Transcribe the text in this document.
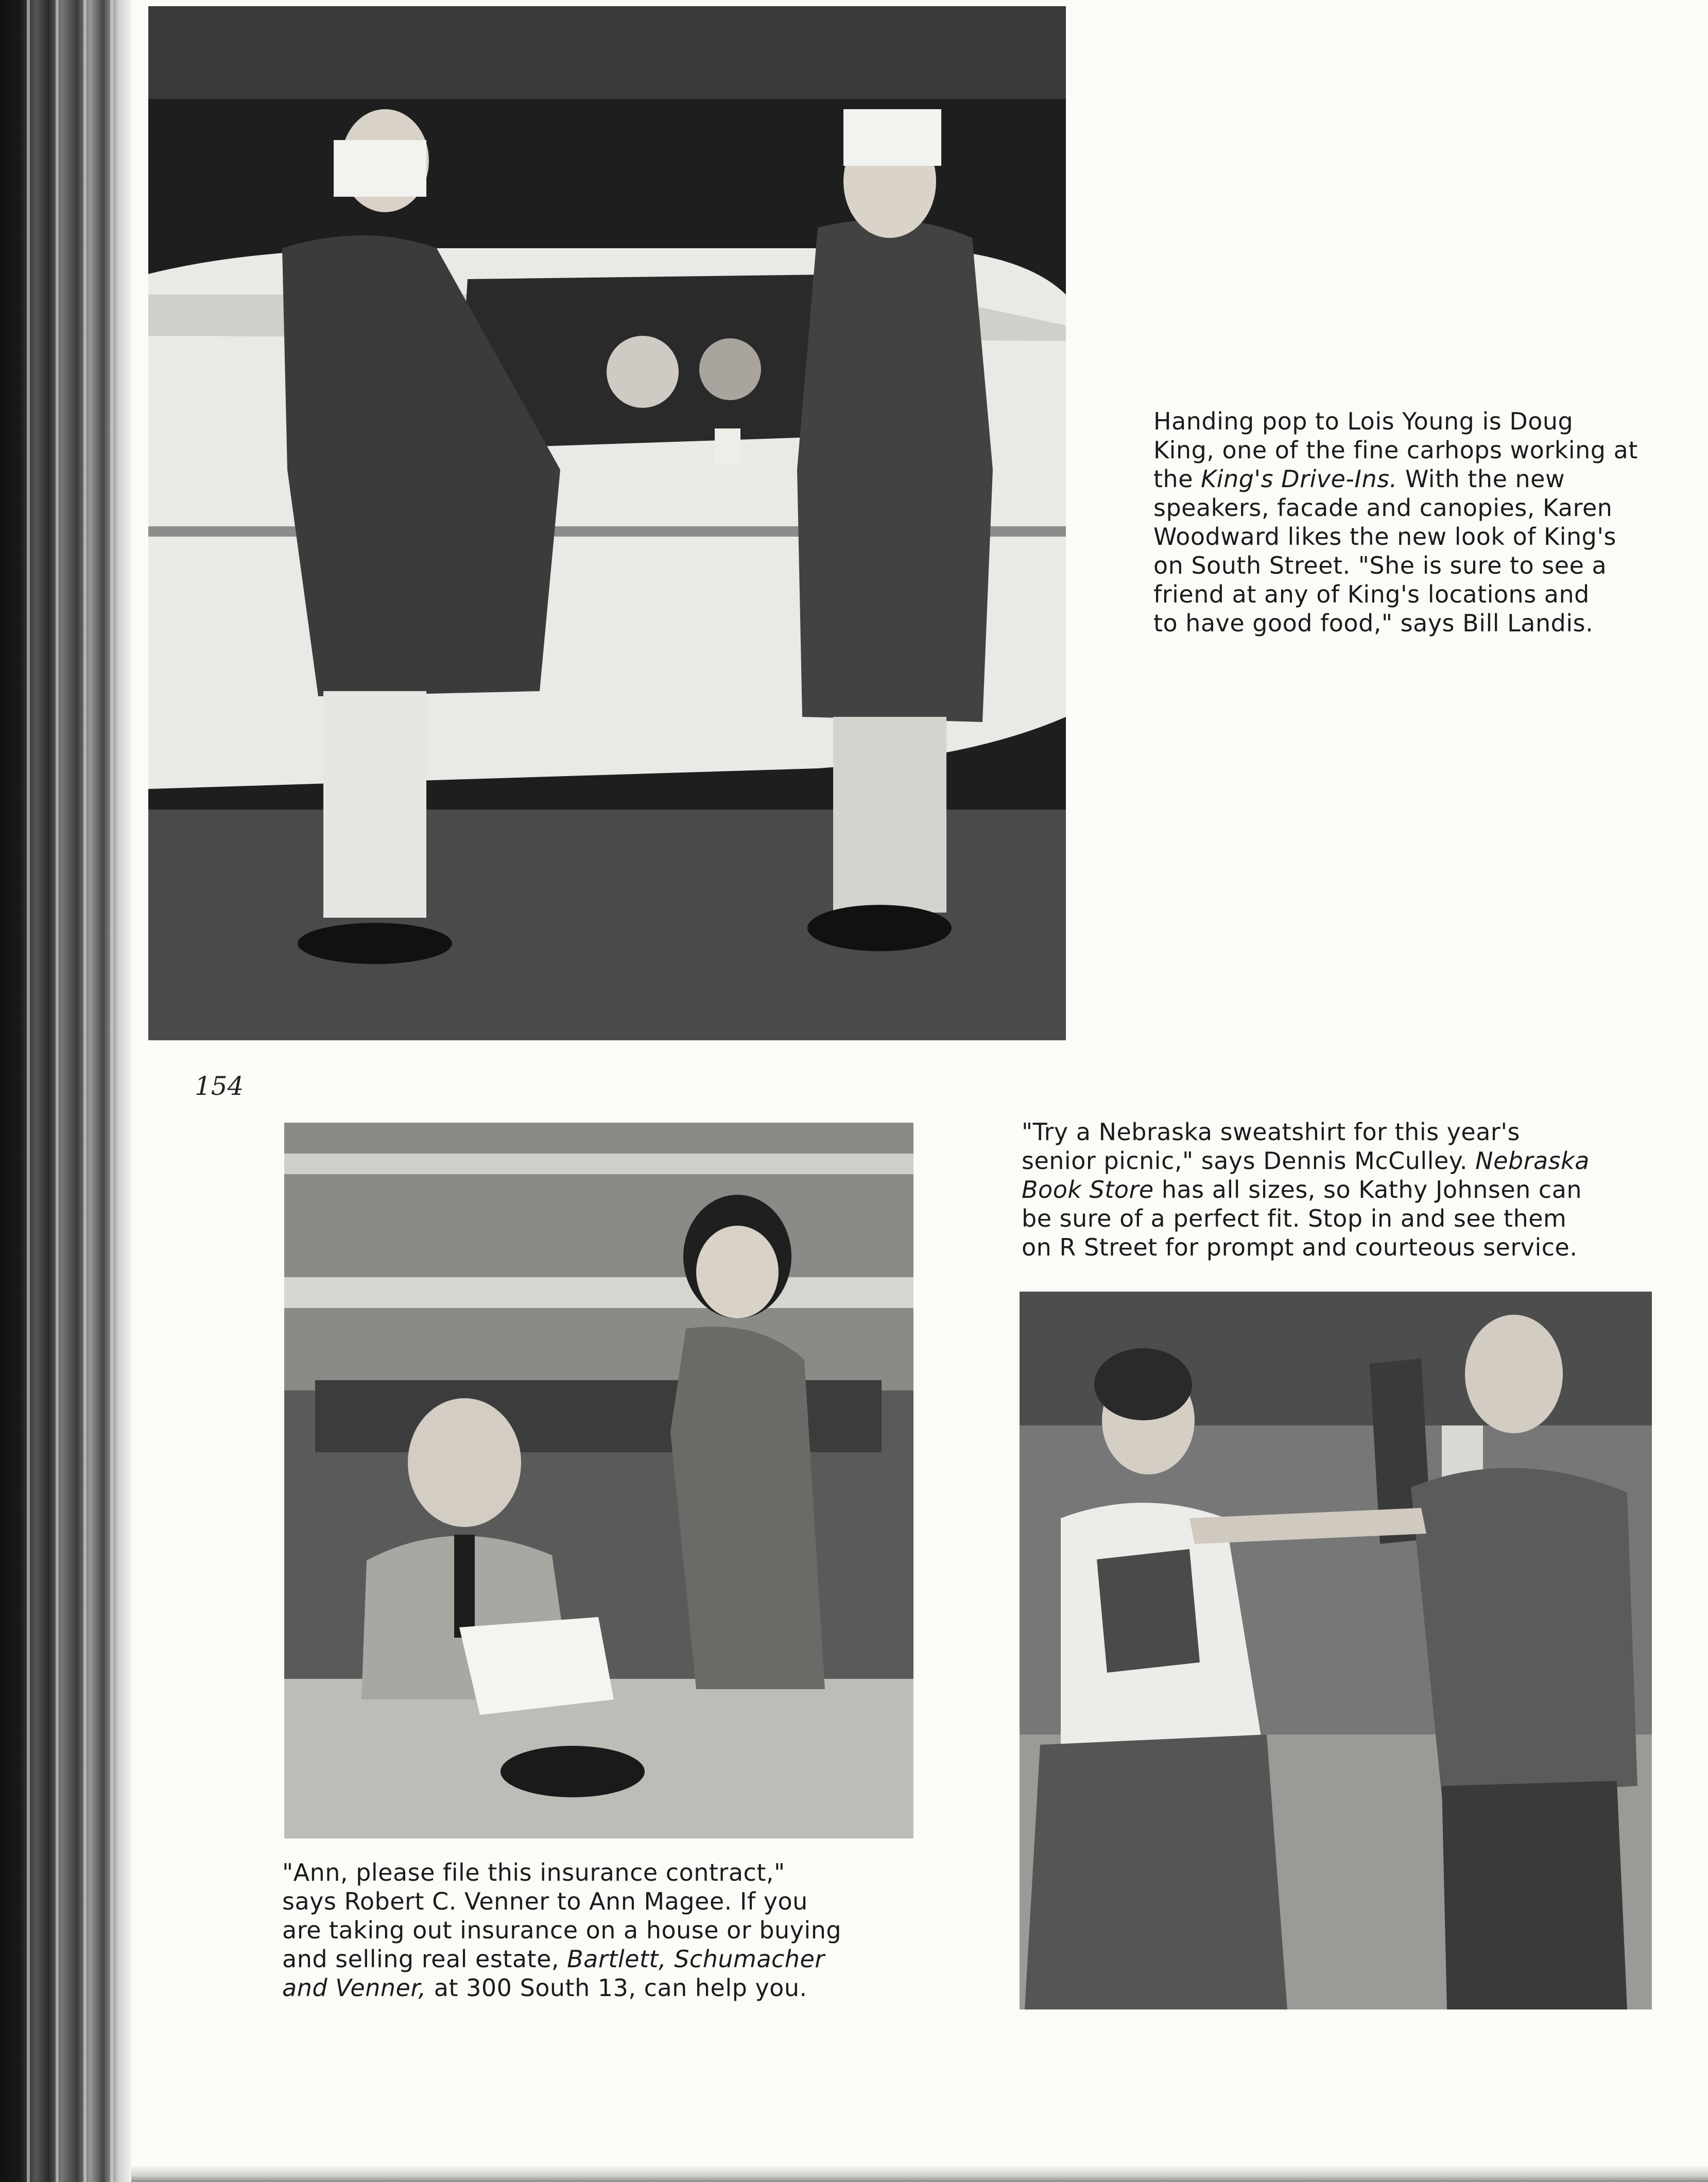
Handing pop to Lois Young is Doug

King, one of the fine carhops working at

the King's Drive-Ins. With the new

speakers, facade and canopies, Karen

Woodward likes the new look of King's

on South Street. "She is sure to see a

friend at any of King's locations and

to have good food," says Bill Landis.

154

"Try a Nebraska sweatshirt for this year's

senior picnic," says Dennis McCulley. Nebraska

Book Store has all sizes, so Kathy Johnsen can

be sure of a perfect fit. Stop in and see them

on R Street for prompt and courteous service.

"Ann, please file this insurance contract,"

says Robert C. Venner to Ann Magee. If you

are taking out insurance on a house or buying

and selling real estate, Bartlett, Schumacher

and Venner, at 300 South 13, can help you.
